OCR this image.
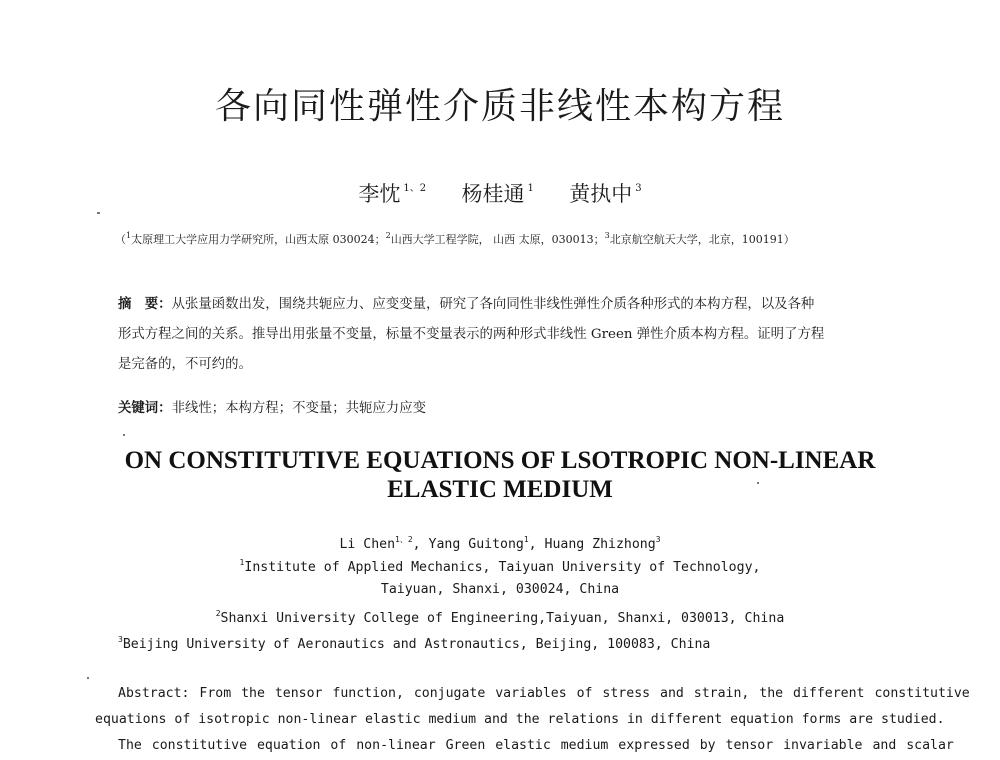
各向同性弹性介质非线性本构方程
李忱 $^{1、2}$ 杨桂通 $^1$ 黄执中 $^3$
（$^1$太原理工大学应用力学研究所，山西太原 030024；$^2$山西大学工程学院， 山西 太原，030013；$^3$北京航空航天大学，北京，100191）
摘　要：从张量函数出发，围绕共轭应力、应变变量，研究了各向同性非线性弹性介质各种形式的本构方程，以及各种
形式方程之间的关系。推导出用张量不变量，标量不变量表示的两种形式非线性 Green 弹性介质本构方程。证明了方程
是完备的，不可约的。
关键词：非线性；本构方程；不变量；共轭应力应变
ON CONSTITUTIVE EQUATIONS OF LSOTROPIC NON-LINEAR
ELASTIC MEDIUM
Li Chen$^{1、2}$, Yang Guitong$^1$, Huang Zhizhong$^3$
$^1$Institute of Applied Mechanics, Taiyuan University of Technology,
Taiyuan, Shanxi, 030024, China
$^2$Shanxi University College of Engineering,Taiyuan, Shanxi, 030013, China
$^3$Beijing University of Aeronautics and Astronautics, Beijing, 100083, China
Abstract: From the tensor function, conjugate variables of stress and strain, the different constitutive
equations of isotropic non-linear elastic medium and the relations in different equation forms are studied.
The constitutive equation of non-linear Green elastic medium expressed by tensor invariable and scalar
